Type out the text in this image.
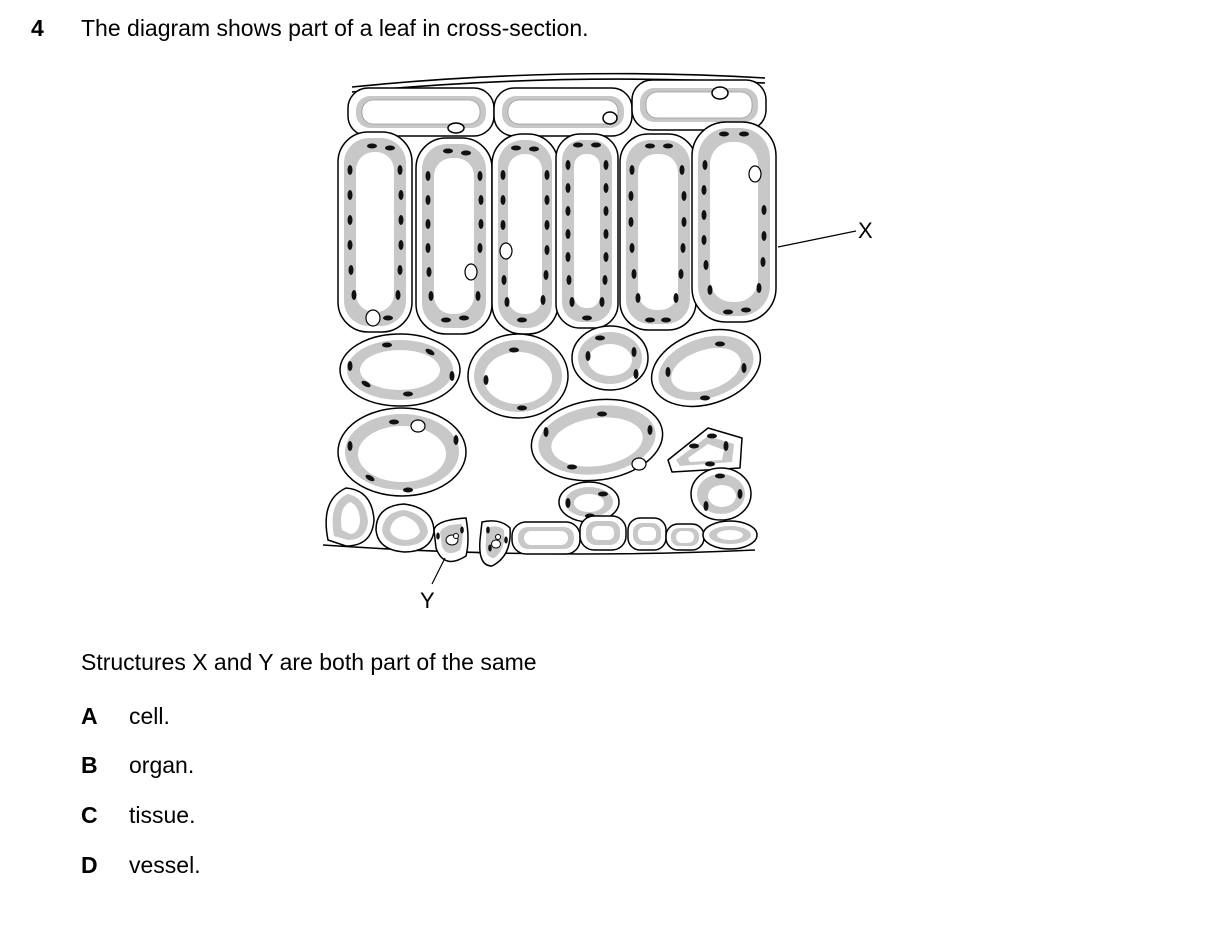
4 The diagram shows part of a leaf in cross-section.
X
Y
Structures X and Y are both part of the same
A cell.
B organ.
C tissue.
D vessel.
